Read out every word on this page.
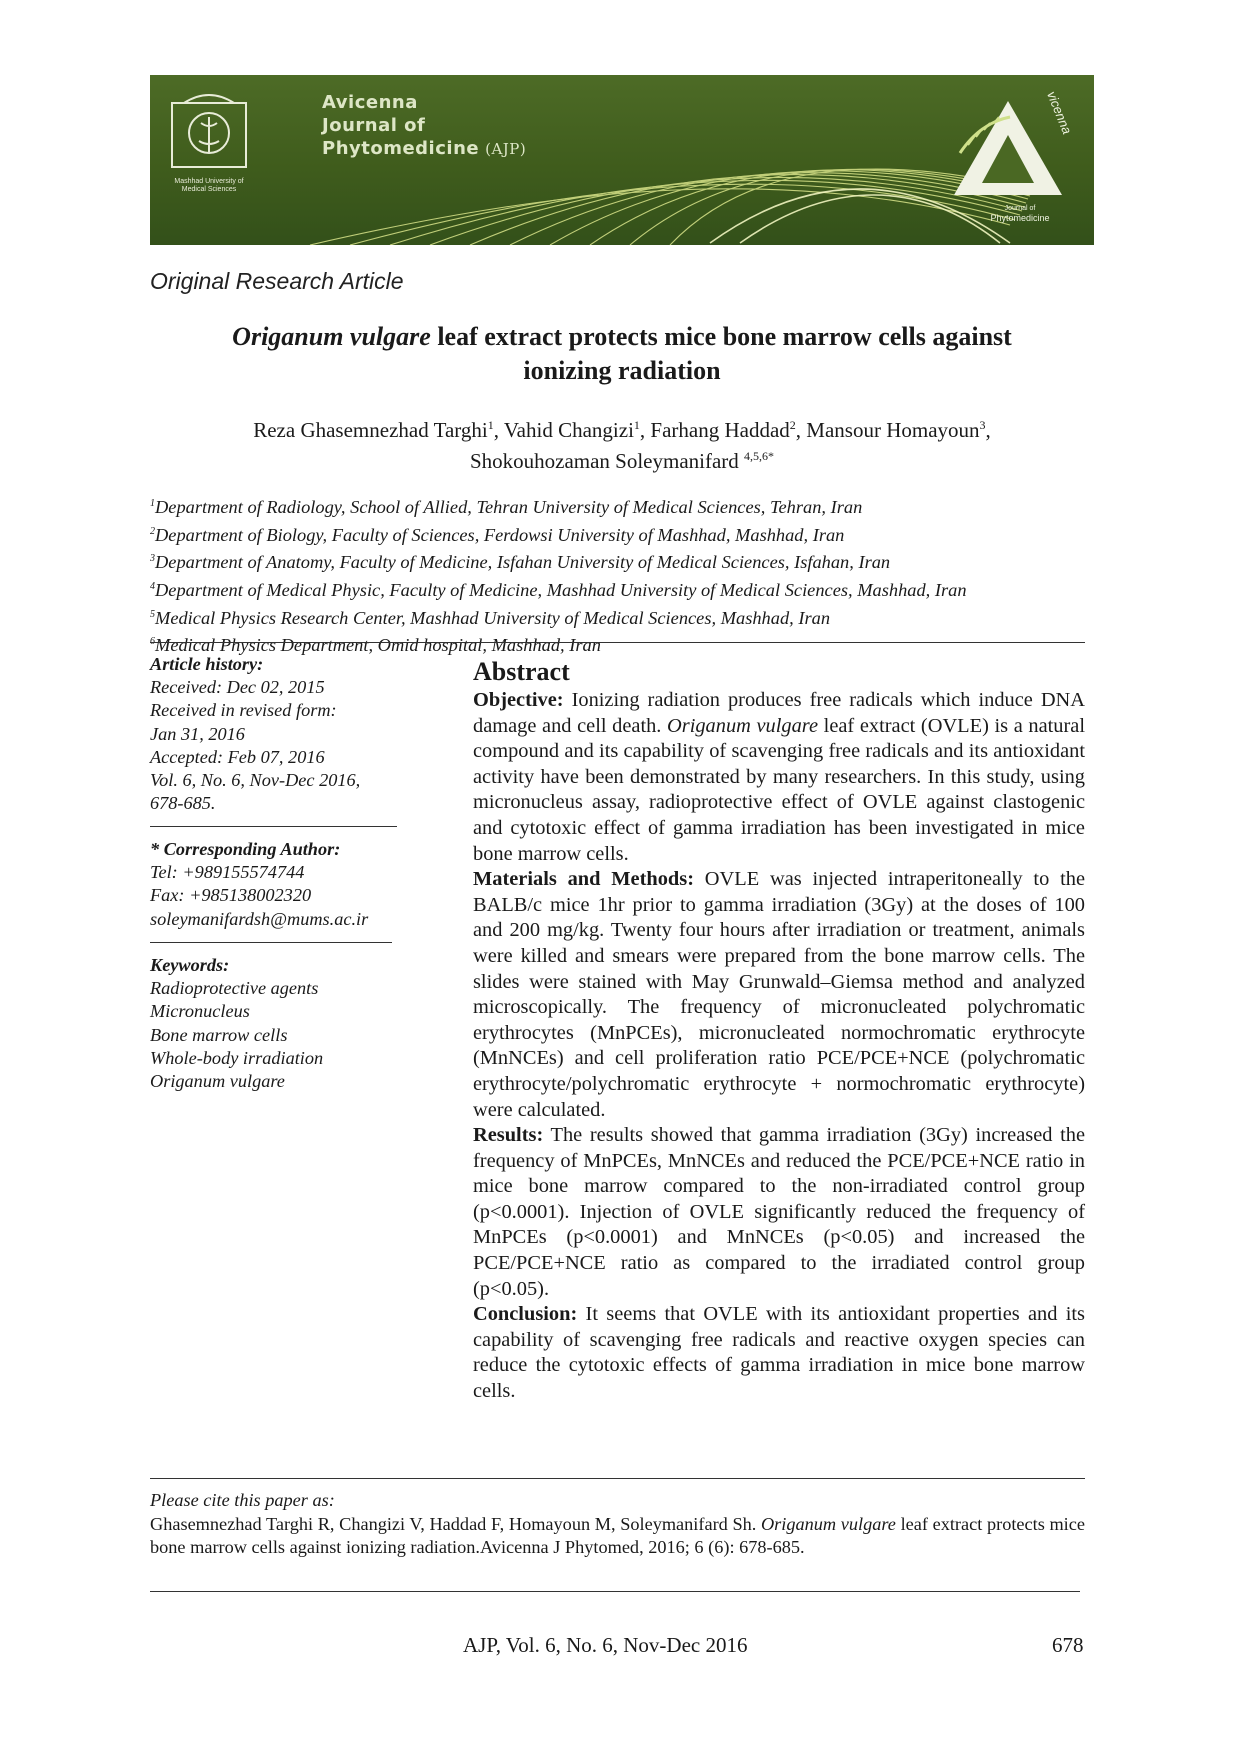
Mashhad University of Medical Sciences
Avicenna
Journal of
Phytomedicine (AJP)
vicenna
Journal of
Phytomedicine
Original Research Article
Origanum vulgare leaf extract protects mice bone marrow cells against
ionizing radiation
Reza Ghasemnezhad Targhi$^1$, Vahid Changizi$^1$, Farhang Haddad$^2$, Mansour Homayoun$^3$,
Shokouhozaman Soleymanifard $^{4,5,6*}$
$^1$Department of Radiology, School of Allied, Tehran University of Medical Sciences, Tehran, Iran
$^2$Department of Biology, Faculty of Sciences, Ferdowsi University of Mashhad, Mashhad, Iran
$^3$Department of Anatomy, Faculty of Medicine, Isfahan University of Medical Sciences, Isfahan, Iran
$^4$Department of Medical Physic, Faculty of Medicine, Mashhad University of Medical Sciences, Mashhad, Iran
$^5$Medical Physics Research Center, Mashhad University of Medical Sciences, Mashhad, Iran
$^6$Medical Physics Department, Omid hospital, Mashhad, Iran
Article history:
Received: Dec 02, 2015
Received in revised form:
Jan 31, 2016
Accepted: Feb 07, 2016
Vol. 6, No. 6, Nov-Dec 2016,
678-685.
* Corresponding Author:
Tel: +989155574744
Fax: +985138002320
soleymanifardsh@mums.ac.ir
Keywords:
Radioprotective agents
Micronucleus
Bone marrow cells
Whole-body irradiation
Origanum vulgare
Abstract

Objective: Ionizing radiation produces free radicals which induce DNA damage and cell death. Origanum vulgare leaf extract (OVLE) is a natural compound and its capability of scavenging free radicals and its antioxidant activity have been demonstrated by many researchers. In this study, using micronucleus assay, radioprotective effect of OVLE against clastogenic and cytotoxic effect of gamma irradiation has been investigated in mice bone marrow cells.

Materials and Methods: OVLE was injected intraperitoneally to the BALB/c mice 1hr prior to gamma irradiation (3Gy) at the doses of 100 and 200 mg/kg. Twenty four hours after irradiation or treatment, animals were killed and smears were prepared from the bone marrow cells. The slides were stained with May Grunwald–Giemsa method and analyzed microscopically. The frequency of micronucleated polychromatic erythrocytes (MnPCEs), micronucleated normochromatic erythrocyte (MnNCEs) and cell proliferation ratio PCE/PCE+NCE (polychromatic erythrocyte/polychromatic erythrocyte + normochromatic erythrocyte) were calculated.

Results: The results showed that gamma irradiation (3Gy) increased the frequency of MnPCEs, MnNCEs and reduced the PCE/PCE+NCE ratio in mice bone marrow compared to the non-irradiated control group (p<0.0001). Injection of OVLE significantly reduced the frequency of MnPCEs (p<0.0001) and MnNCEs (p<0.05) and increased the PCE/PCE+NCE ratio as compared to the irradiated control group (p<0.05).

Conclusion: It seems that OVLE with its antioxidant properties and its capability of scavenging free radicals and reactive oxygen species can reduce the cytotoxic effects of gamma irradiation in mice bone marrow cells.

Please cite this paper as:
Ghasemnezhad Targhi R, Changizi V, Haddad F, Homayoun M, Soleymanifard Sh. Origanum vulgare leaf extract protects mice bone marrow cells against ionizing radiation.Avicenna J Phytomed, 2016; 6 (6): 678-685.
AJP, Vol. 6, No. 6, Nov-Dec 2016	678
